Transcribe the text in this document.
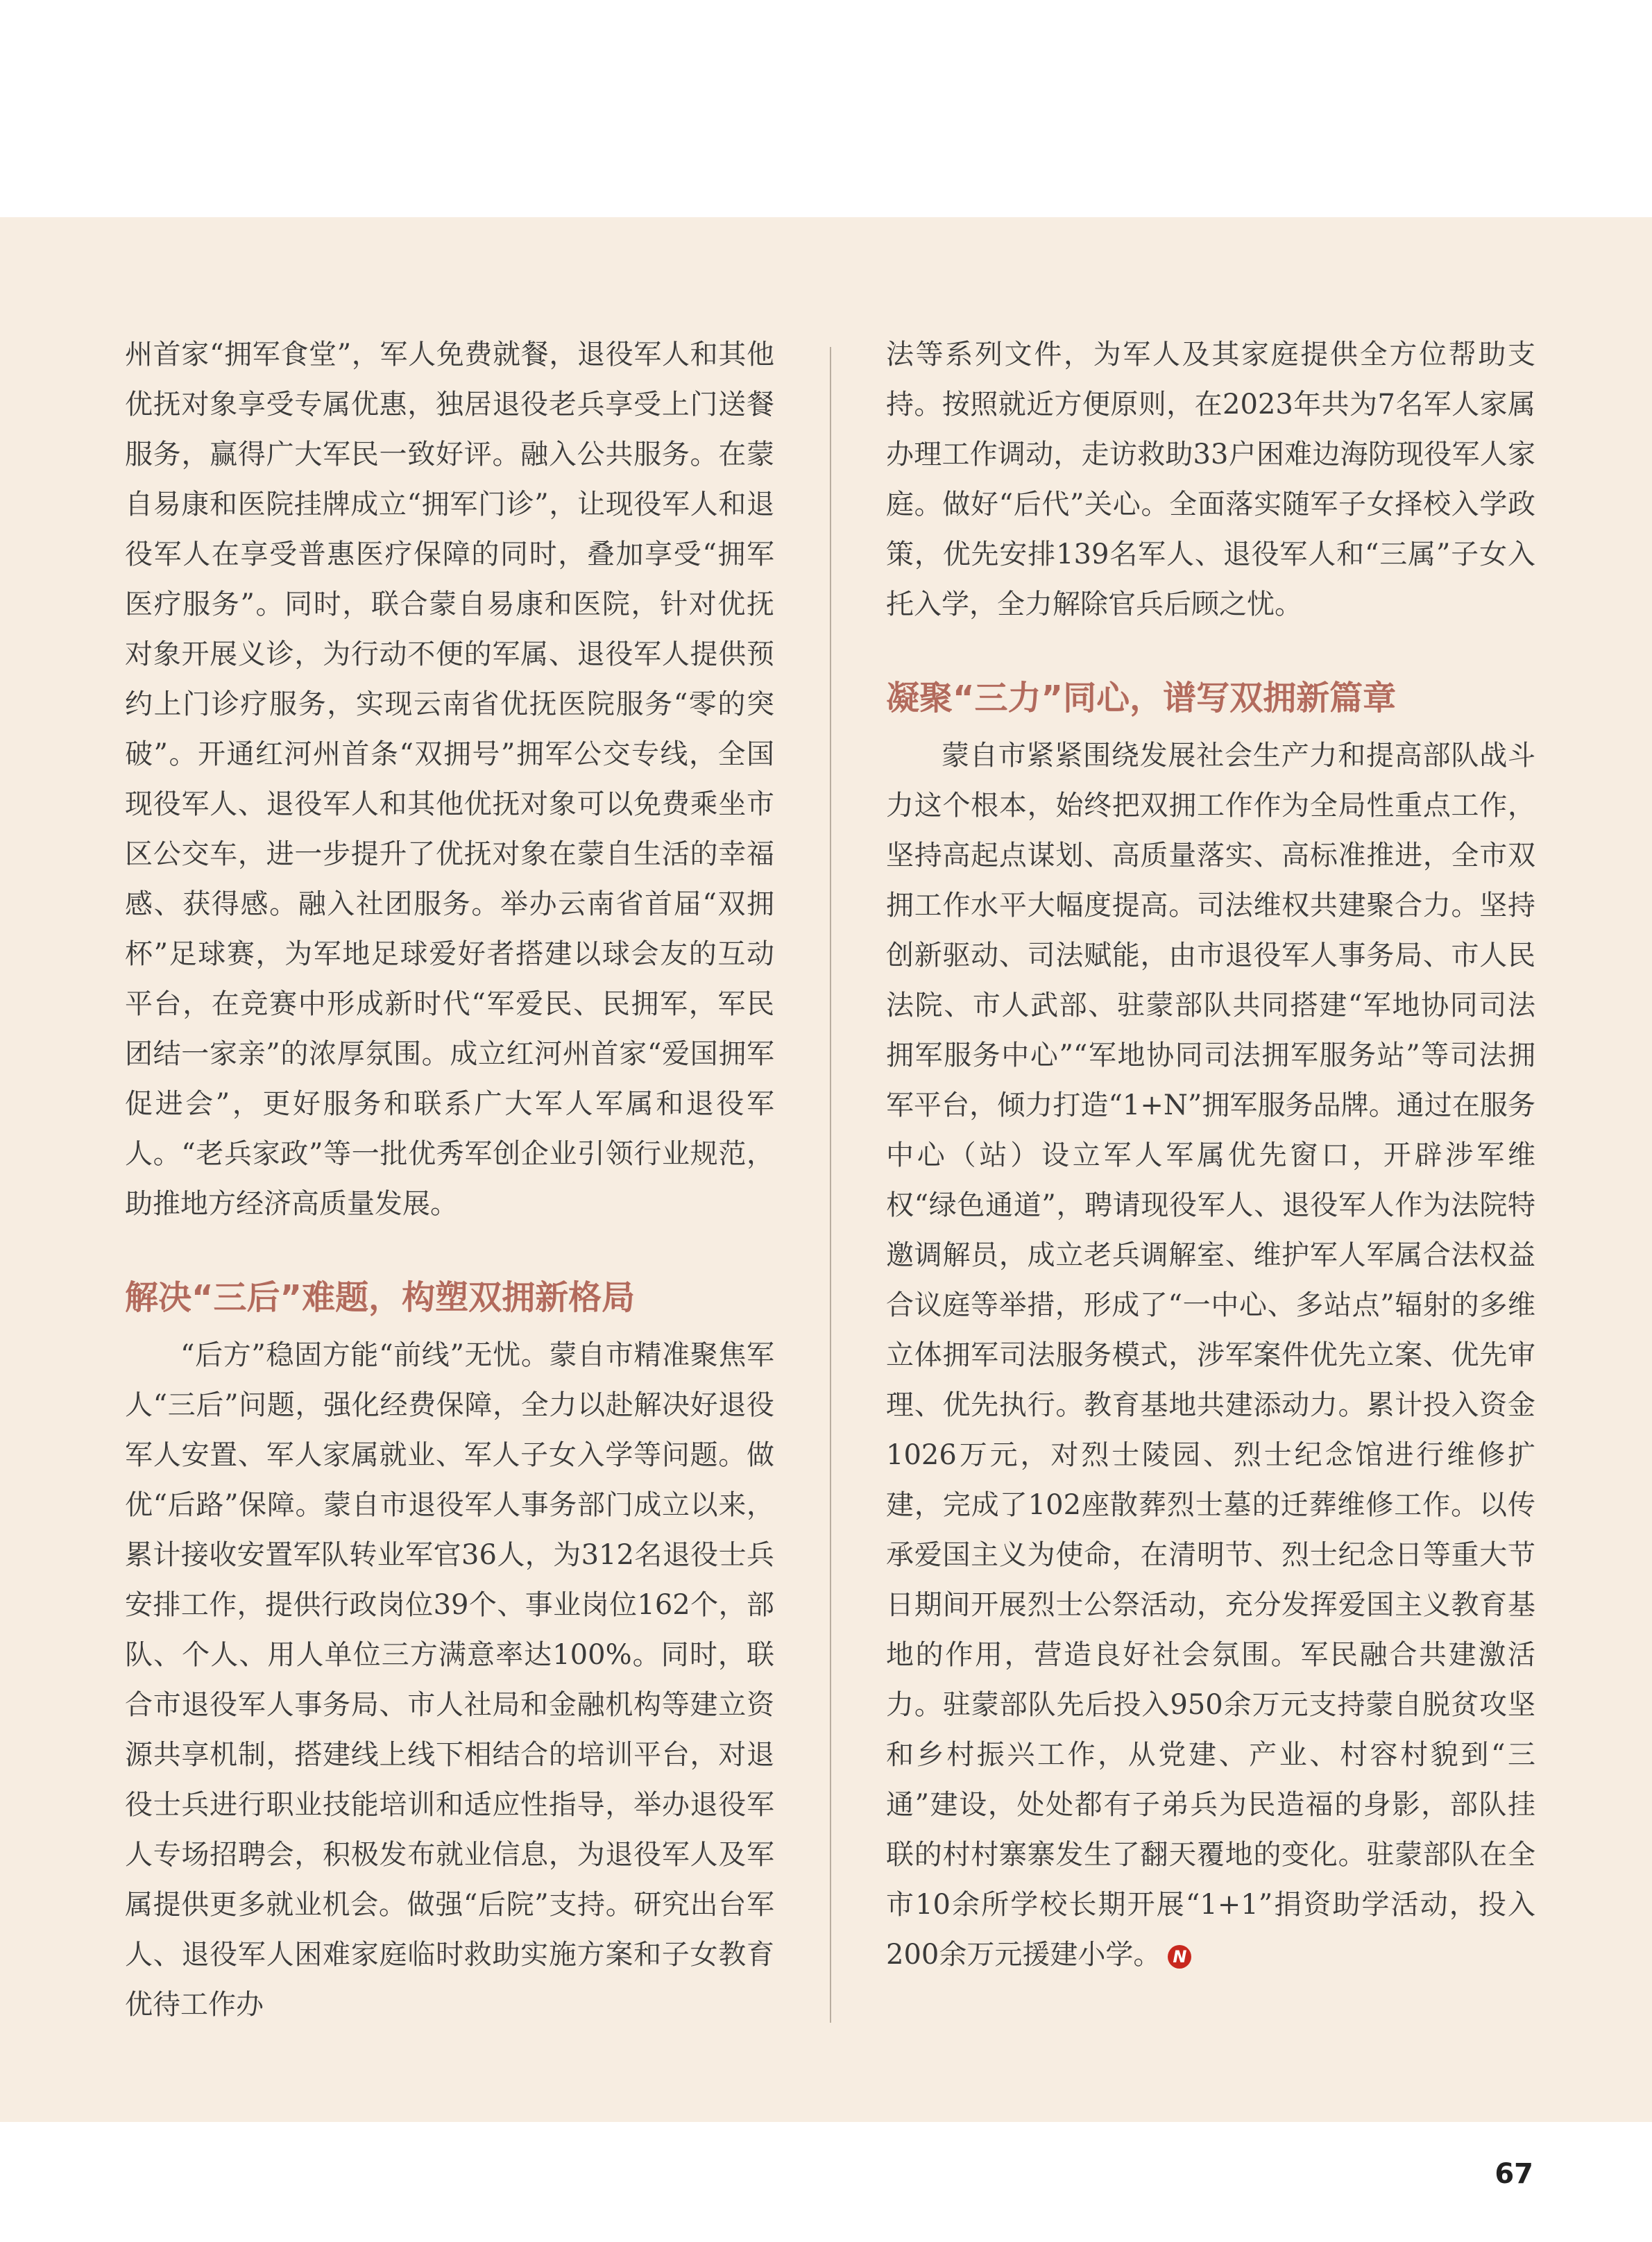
州首家“拥军食堂”，军人免费就餐，退役军人和其他优抚对象享受专属优惠，独居退役老兵享受上门送餐服务，赢得广大军民一致好评。融入公共服务。在蒙自易康和医院挂牌成立“拥军门诊”，让现役军人和退役军人在享受普惠医疗保障的同时，叠加享受“拥军医疗服务”。同时，联合蒙自易康和医院，针对优抚对象开展义诊，为行动不便的军属、退役军人提供预约上门诊疗服务，实现云南省优抚医院服务“零的突破”。开通红河州首条“双拥号”拥军公交专线，全国现役军人、退役军人和其他优抚对象可以免费乘坐市区公交车，进一步提升了优抚对象在蒙自生活的幸福感、获得感。融入社团服务。举办云南省首届“双拥杯”足球赛，为军地足球爱好者搭建以球会友的互动平台，在竞赛中形成新时代“军爱民、民拥军，军民团结一家亲”的浓厚氛围。成立红河州首家“爱国拥军促进会”，更好服务和联系广大军人军属和退役军人。“老兵家政”等一批优秀军创企业引领行业规范，助推地方经济高质量发展。

解决“三后”难题，构塑双拥新格局

“后方”稳固方能“前线”无忧。蒙自市精准聚焦军人“三后”问题，强化经费保障，全力以赴解决好退役军人安置、军人家属就业、军人子女入学等问题。做优“后路”保障。蒙自市退役军人事务部门成立以来，累计接收安置军队转业军官36人，为312名退役士兵安排工作，提供行政岗位39个、事业岗位162个，部队、个人、用人单位三方满意率达100%。同时，联合市退役军人事务局、市人社局和金融机构等建立资源共享机制，搭建线上线下相结合的培训平台，对退役士兵进行职业技能培训和适应性指导，举办退役军人专场招聘会，积极发布就业信息，为退役军人及军属提供更多就业机会。做强“后院”支持。研究出台军人、退役军人困难家庭临时救助实施方案和子女教育优待工作办

法等系列文件，为军人及其家庭提供全方位帮助支持。按照就近方便原则，在2023年共为7名军人家属办理工作调动，走访救助33户困难边海防现役军人家庭。做好“后代”关心。全面落实随军子女择校入学政策，优先安排139名军人、退役军人和“三属”子女入托入学，全力解除官兵后顾之忧。

凝聚“三力”同心，谱写双拥新篇章

蒙自市紧紧围绕发展社会生产力和提高部队战斗力这个根本，始终把双拥工作作为全局性重点工作，坚持高起点谋划、高质量落实、高标准推进，全市双拥工作水平大幅度提高。司法维权共建聚合力。坚持创新驱动、司法赋能，由市退役军人事务局、市人民法院、市人武部、驻蒙部队共同搭建“军地协同司法拥军服务中心”“军地协同司法拥军服务站”等司法拥军平台，倾力打造“1+N”拥军服务品牌。通过在服务中心（站）设立军人军属优先窗口，开辟涉军维权“绿色通道”，聘请现役军人、退役军人作为法院特邀调解员，成立老兵调解室、维护军人军属合法权益合议庭等举措，形成了“一中心、多站点”辐射的多维立体拥军司法服务模式，涉军案件优先立案、优先审理、优先执行。教育基地共建添动力。累计投入资金1026万元，对烈士陵园、烈士纪念馆进行维修扩建，完成了102座散葬烈士墓的迁葬维修工作。以传承爱国主义为使命，在清明节、烈士纪念日等重大节日期间开展烈士公祭活动，充分发挥爱国主义教育基地的作用，营造良好社会氛围。军民融合共建激活力。驻蒙部队先后投入950余万元支持蒙自脱贫攻坚和乡村振兴工作，从党建、产业、村容村貌到“三通”建设，处处都有子弟兵为民造福的身影，部队挂联的村村寨寨发生了翻天覆地的变化。驻蒙部队在全市10余所学校长期开展“1+1”捐资助学活动，投入200余万元援建小学。 N

67
